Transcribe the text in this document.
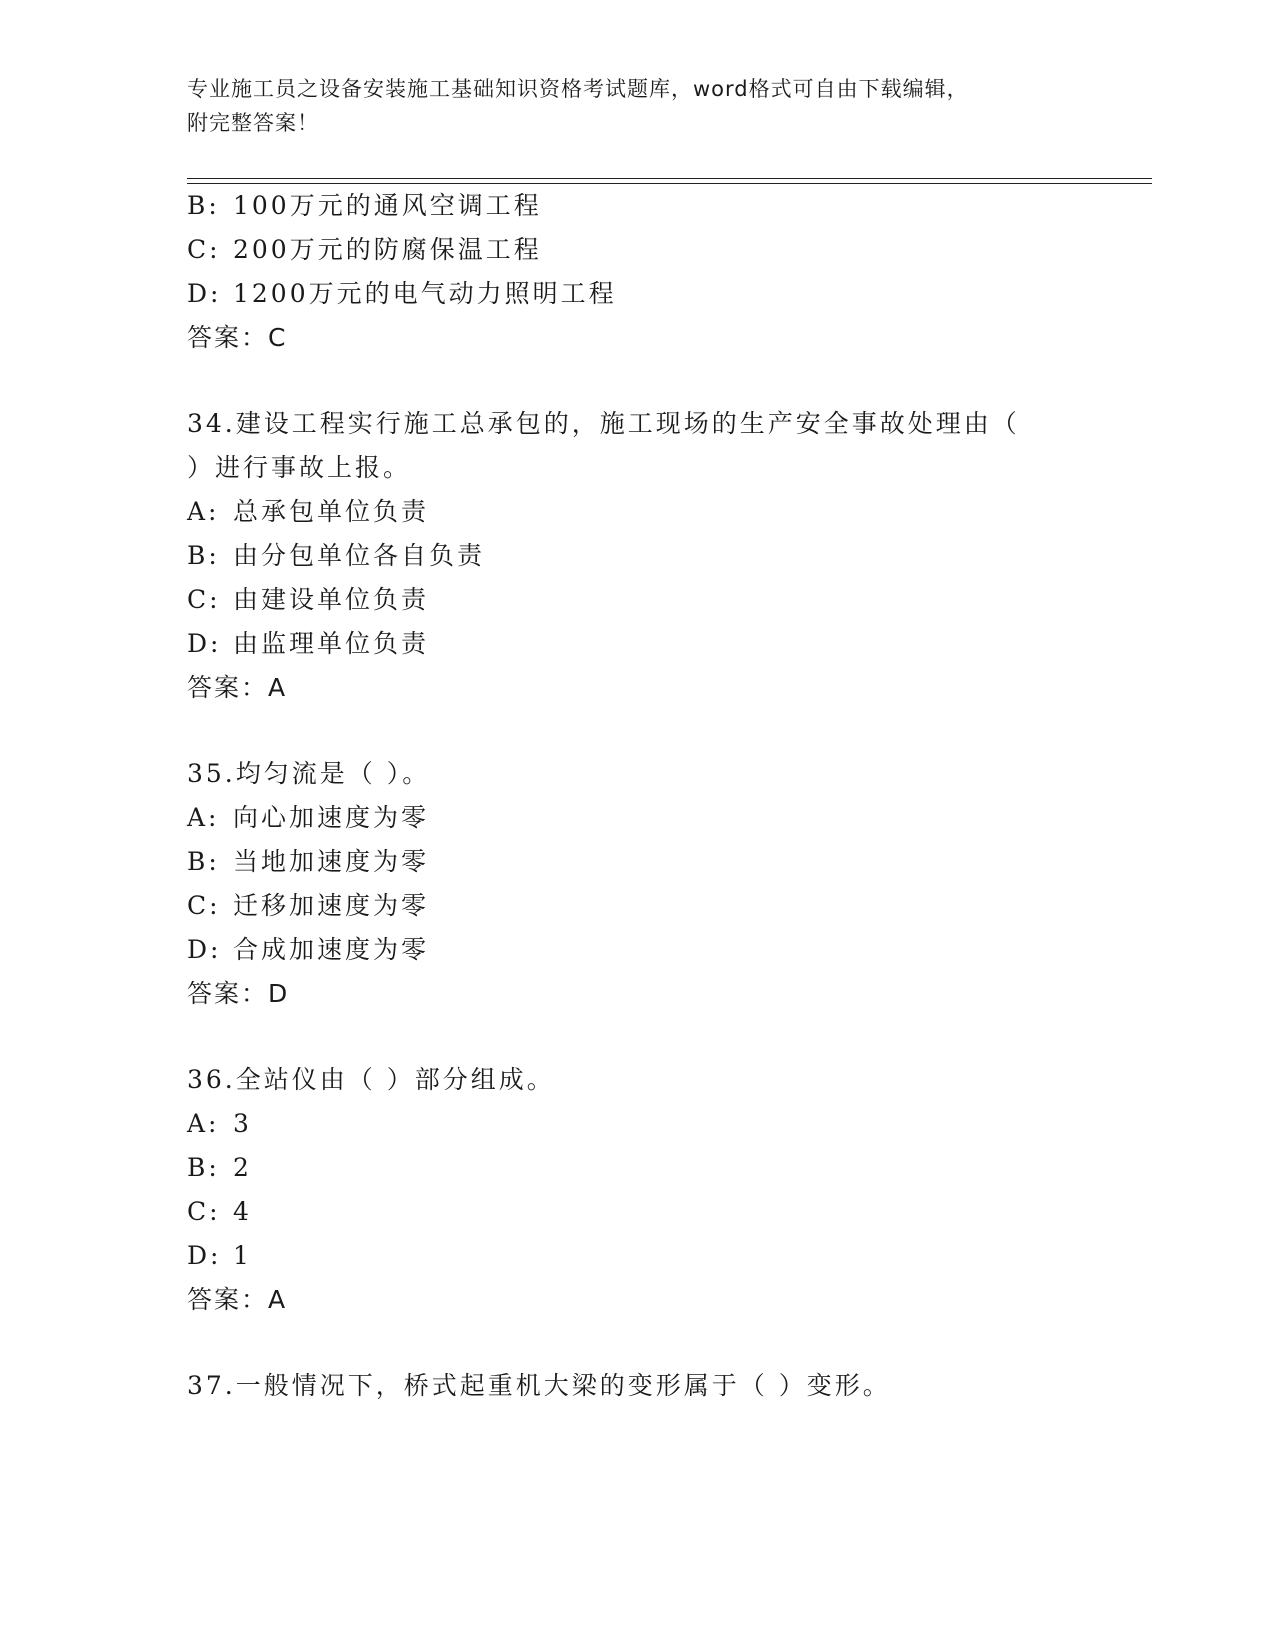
专业施工员之设备安装施工基础知识资格考试题库，word格式可自由下载编辑，
附完整答案！
B: 100万元的通风空调工程
C: 200万元的防腐保温工程
D: 1200万元的电气动力照明工程
答案：C
34.建设工程实行施工总承包的，施工现场的生产安全事故处理由（
）进行事故上报。
A: 总承包单位负责
B: 由分包单位各自负责
C: 由建设单位负责
D: 由监理单位负责
答案：A
35.均匀流是（ ）。
A: 向心加速度为零
B: 当地加速度为零
C: 迁移加速度为零
D: 合成加速度为零
答案：D
36.全站仪由（ ）部分组成。
A: 3
B: 2
C: 4
D: 1
答案：A
37.一般情况下，桥式起重机大梁的变形属于（ ）变形。
